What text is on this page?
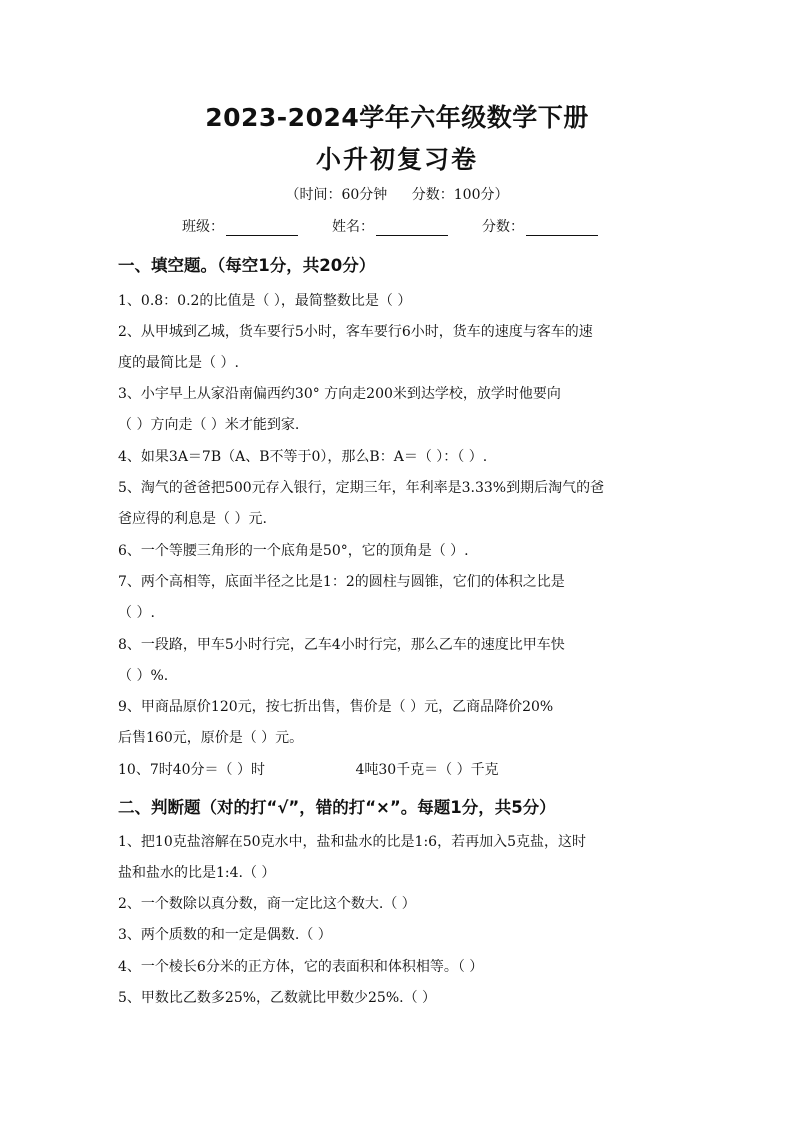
2023-2024学年六年级数学下册
小升初复习卷
（时间：60分钟 分数：100分）
班级：	姓名：	分数：
一、填空题。（每空1分，共20分）
1、0.8：0.2的比值是（ ），最简整数比是（ ）
2、从甲城到乙城，货车要行5小时，客车要行6小时，货车的速度与客车的速
度的最简比是（ ）.
3、小宇早上从家沿南偏西约30° 方向走200米到达学校，放学时他要向
（ ）方向走（ ）米才能到家.
4、如果3A＝7B（A、B不等于0），那么B：A＝（ ）：（ ）.
5、淘气的爸爸把500元存入银行，定期三年，年利率是3.33%到期后淘气的爸
爸应得的利息是（ ）元.
6、一个等腰三角形的一个底角是50°，它的顶角是（ ）.
7、两个高相等，底面半径之比是1：2的圆柱与圆锥，它们的体积之比是
（ ）.
8、一段路，甲车5小时行完，乙车4小时行完，那么乙车的速度比甲车快
（ ）%.
9、甲商品原价120元，按七折出售，售价是（ ）元，乙商品降价20%
后售160元，原价是（ ）元。
10、7时40分＝（ ）时	4吨30千克＝（ ）千克
二、判断题（对的打“√”，错的打“×”。每题1分，共5分）
1、把10克盐溶解在50克水中，盐和盐水的比是1:6，若再加入5克盐，这时
盐和盐水的比是1:4.（ ）
2、一个数除以真分数，商一定比这个数大.（ ）
3、两个质数的和一定是偶数.（ ）
4、一个棱长6分米的正方体，它的表面积和体积相等。（ ）
5、甲数比乙数多25%，乙数就比甲数少25%.（ ）
